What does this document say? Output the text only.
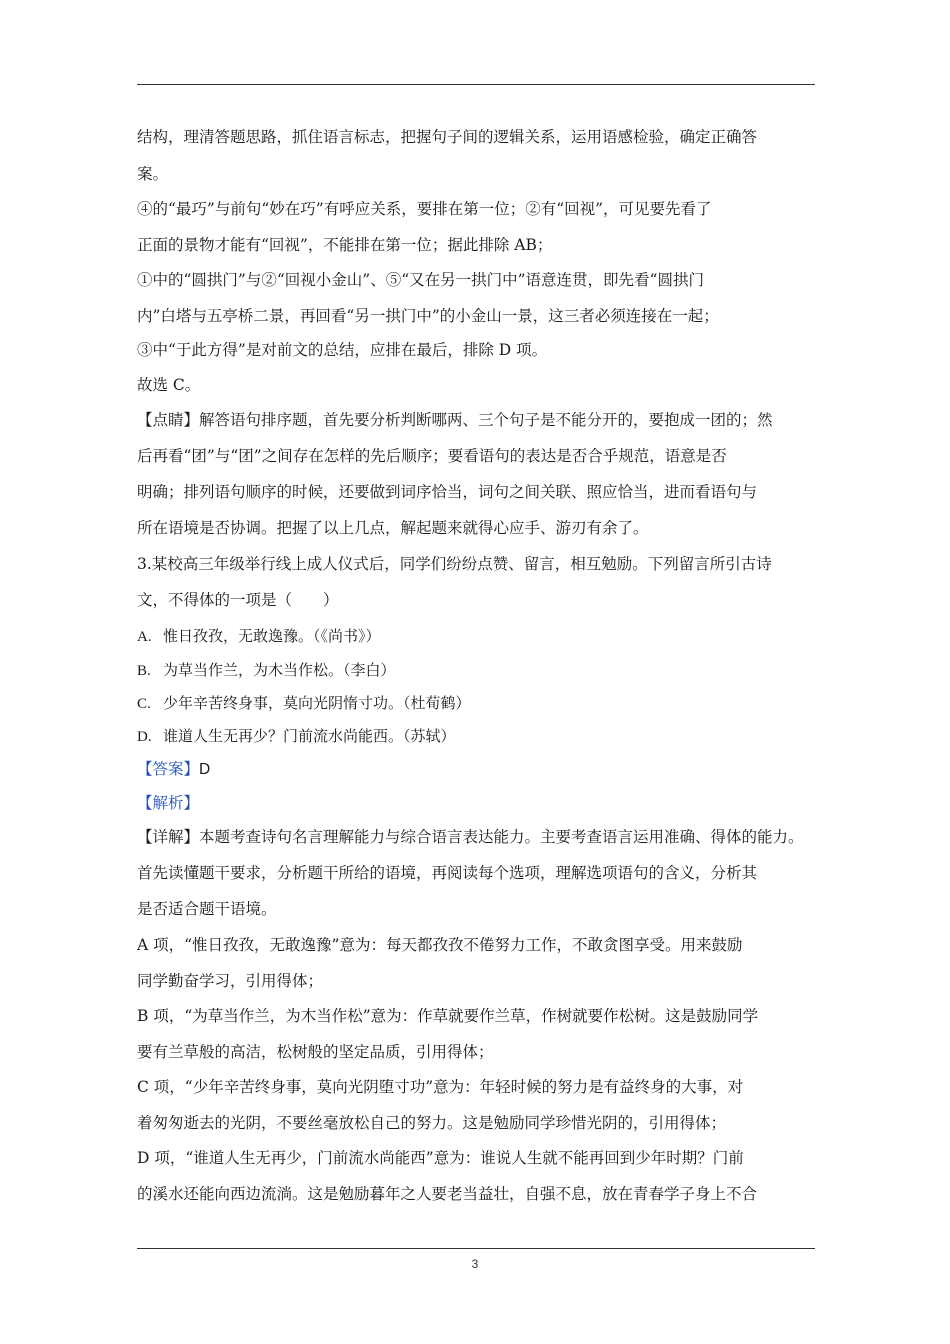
结构，理清答题思路，抓住语言标志，把握句子间的逻辑关系，运用语感检验，确定正确答
案。
④的“最巧”与前句“妙在巧”有呼应关系，要排在第一位；②有“回视”，可见要先看了
正面的景物才能有“回视”，不能排在第一位；据此排除 AB；
①中的“圆拱门”与②“回视小金山”、⑤“又在另一拱门中”语意连贯，即先看“圆拱门
内”白塔与五亭桥二景，再回看“另一拱门中”的小金山一景，这三者必须连接在一起；
③中“于此方得”是对前文的总结，应排在最后，排除 D 项。
故选 C。
【点睛】解答语句排序题，首先要分析判断哪两、三个句子是不能分开的，要抱成一团的；然
后再看“团”与“团”之间存在怎样的先后顺序；要看语句的表达是否合乎规范，语意是否
明确；排列语句顺序的时候，还要做到词序恰当，词句之间关联、照应恰当，进而看语句与
所在语境是否协调。把握了以上几点，解起题来就得心应手、游刃有余了。
3.某校高三年级举行线上成人仪式后，同学们纷纷点赞、留言，相互勉励。下列留言所引古诗
文，不得体的一项是（　　）
A. 惟日孜孜，无敢逸豫。（《尚书》）
B. 为草当作兰，为木当作松。（李白）
C. 少年辛苦终身事，莫向光阴惰寸功。（杜荀鹤）
D. 谁道人生无再少？门前流水尚能西。（苏轼）
【答案】D
【解析】
【详解】本题考查诗句名言理解能力与综合语言表达能力。主要考查语言运用准确、得体的能力。
首先读懂题干要求，分析题干所给的语境，再阅读每个选项，理解选项语句的含义，分析其
是否适合题干语境。
A 项，“惟日孜孜，无敢逸豫”意为：每天都孜孜不倦努力工作，不敢贪图享受。用来鼓励
同学勤奋学习，引用得体；
B 项，“为草当作兰，为木当作松”意为：作草就要作兰草，作树就要作松树。这是鼓励同学
要有兰草般的高洁，松树般的坚定品质，引用得体；
C 项，“少年辛苦终身事，莫向光阴堕寸功”意为：年轻时候的努力是有益终身的大事，对
着匆匆逝去的光阴，不要丝毫放松自己的努力。这是勉励同学珍惜光阴的，引用得体；
D 项，“谁道人生无再少，门前流水尚能西”意为：谁说人生就不能再回到少年时期？门前
的溪水还能向西边流淌。这是勉励暮年之人要老当益壮，自强不息，放在青春学子身上不合
3
